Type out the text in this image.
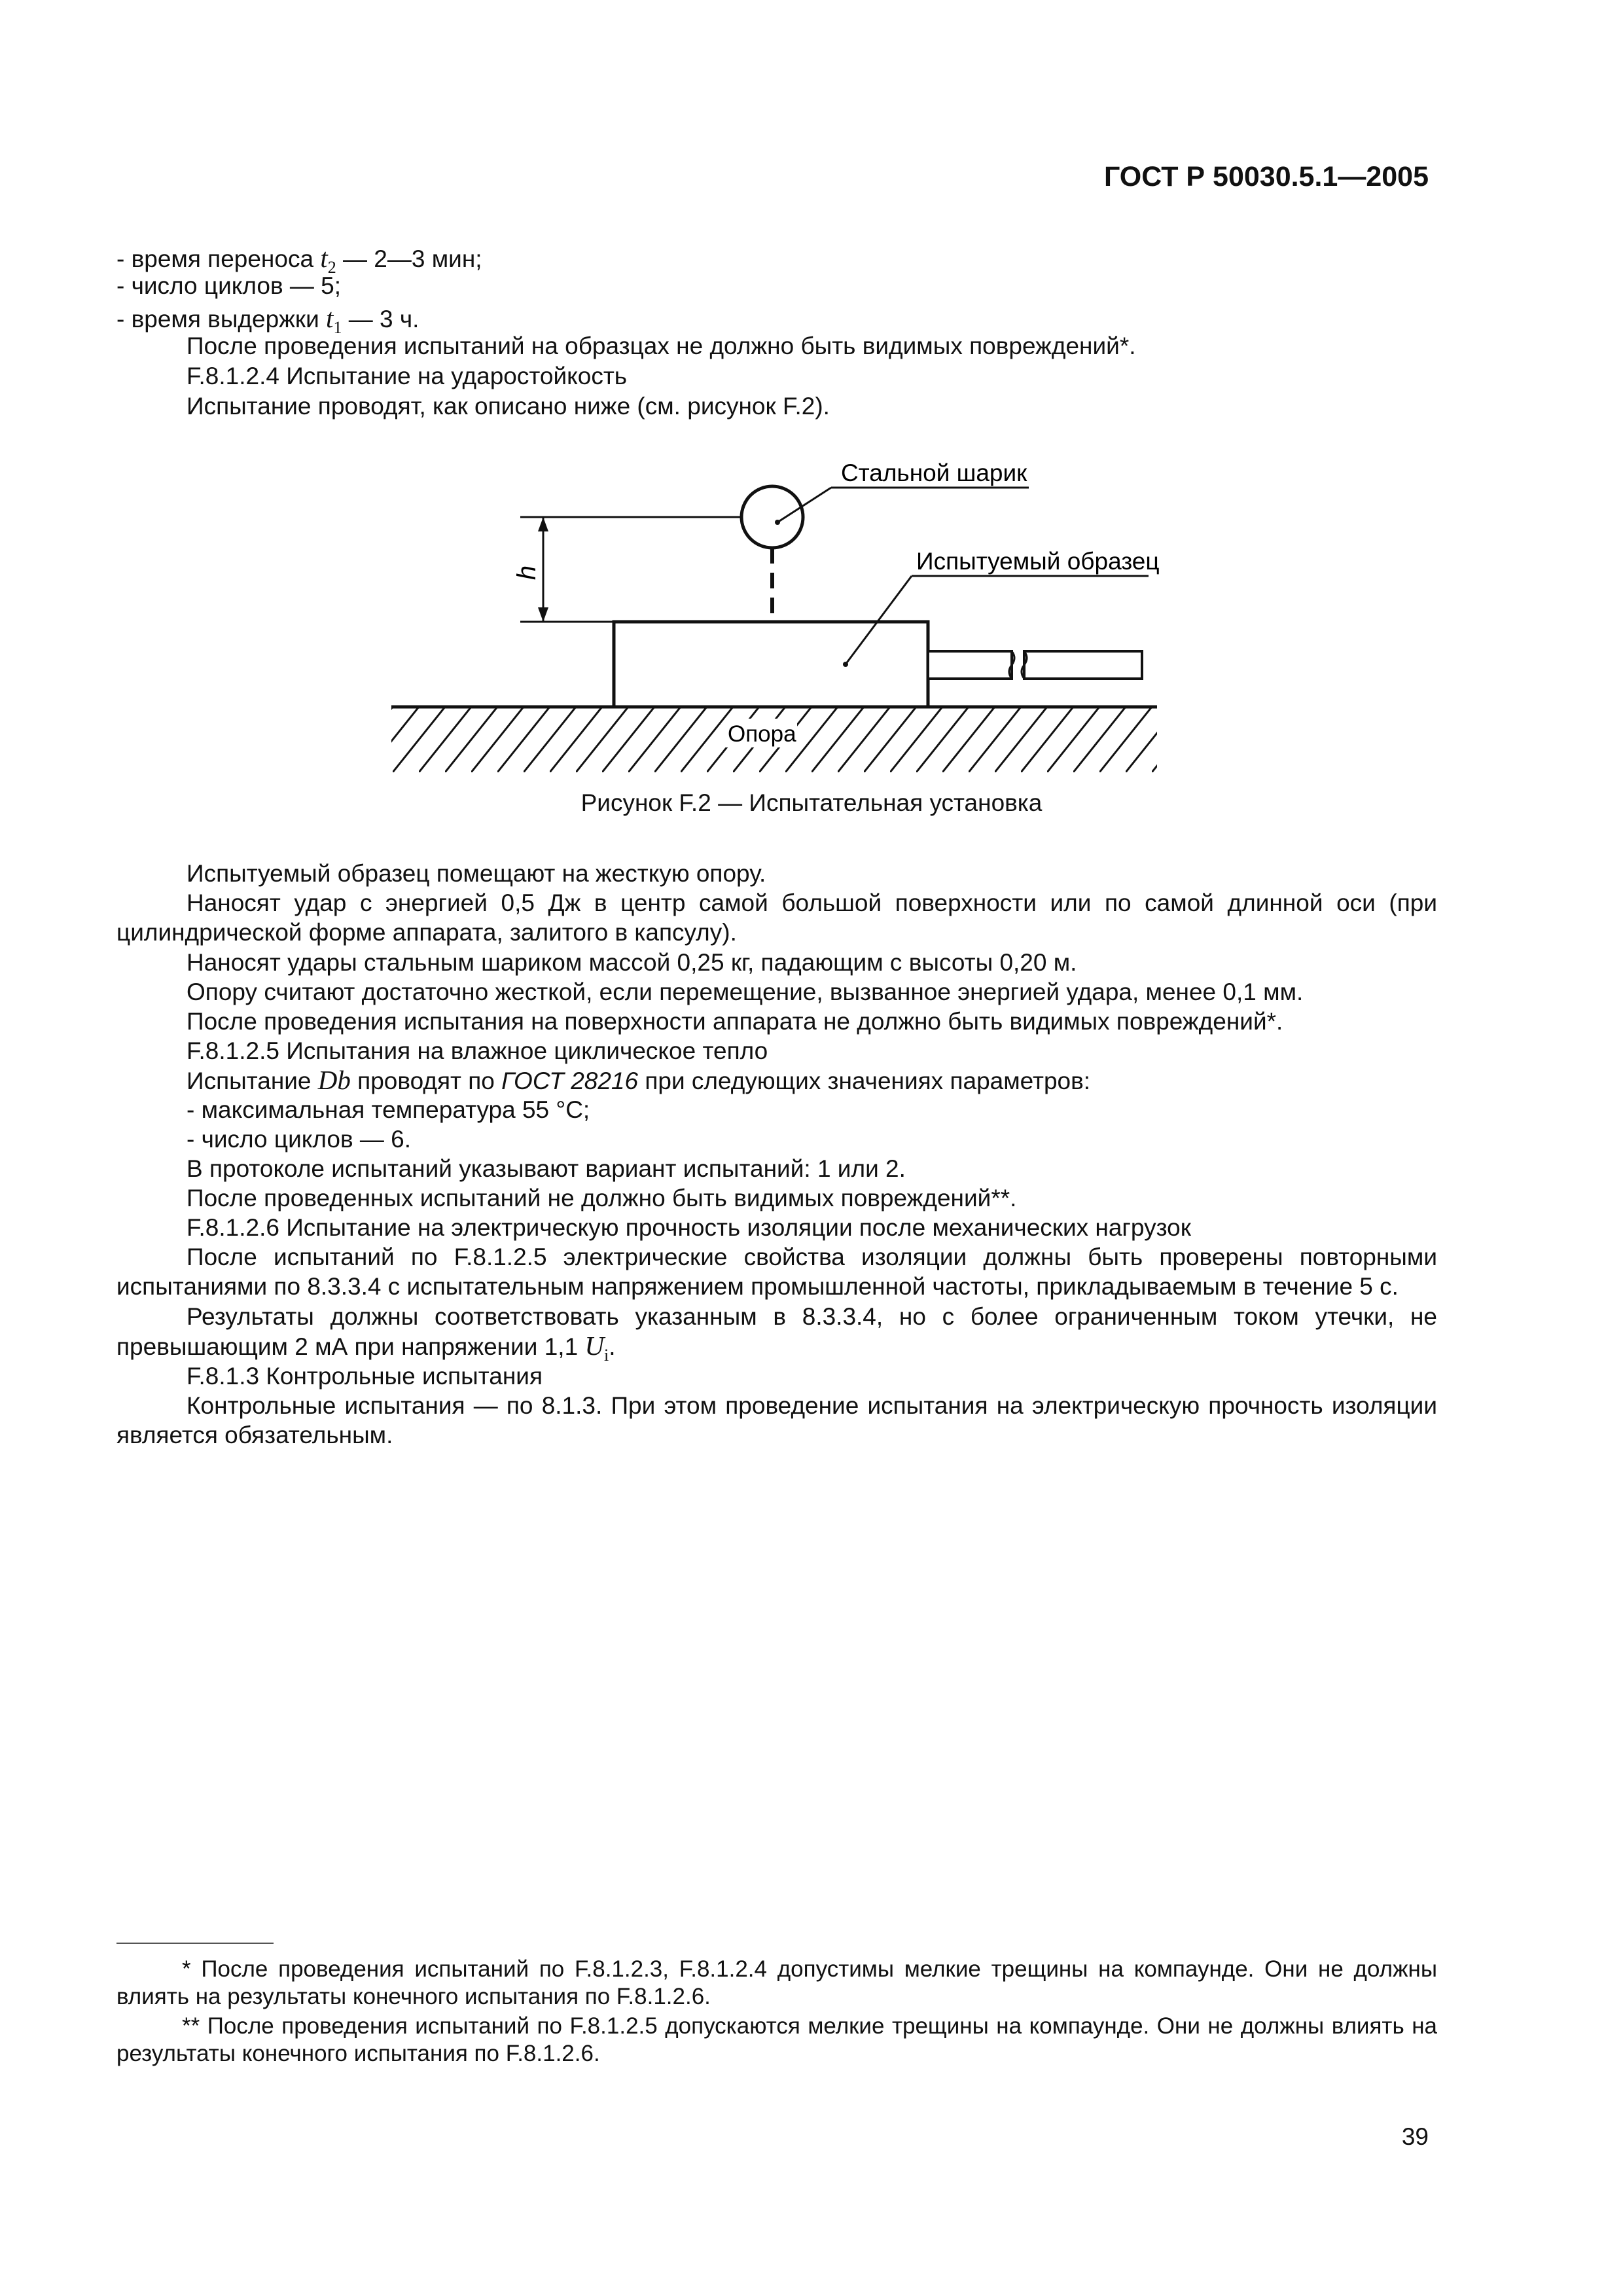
ГОСТ Р 50030.5.1—2005
- время переноса $t_2$ — 2—3 мин;
- число циклов — 5;
- время выдержки $t_1$ — 3 ч.
После проведения испытаний на образцах не должно быть видимых повреждений*.
F.8.1.2.4 Испытание на ударостойкость
Испытание проводят, как описано ниже (см. рисунок F.2).
h
Стальной шарик
Испытуемый образец
Опора
Рисунок F.2 — Испытательная установка
Испытуемый образец помещают на жесткую опору.
Наносят удар с энергией 0,5 Дж в центр самой большой поверхности или по самой длинной оси (при цилиндрической форме аппарата, залитого в капсулу).
Наносят удары стальным шариком массой 0,25 кг, падающим с высоты 0,20 м.
Опору считают достаточно жесткой, если перемещение, вызванное энергией удара, менее 0,1 мм.
После проведения испытания на поверхности аппарата не должно быть видимых повреждений*.
F.8.1.2.5 Испытания на влажное циклическое тепло
Испытание Db проводят по ГОСТ 28216 при следующих значениях параметров:
- максимальная температура 55 °С;
- число циклов — 6.
В протоколе испытаний указывают вариант испытаний: 1 или 2.
После проведенных испытаний не должно быть видимых повреждений**.
F.8.1.2.6 Испытание на электрическую прочность изоляции после механических нагрузок
После испытаний по F.8.1.2.5 электрические свойства изоляции должны быть проверены повторными испытаниями по 8.3.3.4 с испытательным напряжением промышленной частоты, прикладываемым в течение 5 с.
Результаты должны соответствовать указанным в 8.3.3.4, но с более ограниченным током утечки, не превышающим 2 мА при напряжении 1,1 $U_i$.
F.8.1.3 Контрольные испытания
Контрольные испытания — по 8.1.3. При этом проведение испытания на электрическую прочность изоляции является обязательным.
* После проведения испытаний по F.8.1.2.3, F.8.1.2.4 допустимы мелкие трещины на компаунде. Они не должны влиять на результаты конечного испытания по F.8.1.2.6.
** После проведения испытаний по F.8.1.2.5 допускаются мелкие трещины на компаунде. Они не должны влиять на результаты конечного испытания по F.8.1.2.6.
39
